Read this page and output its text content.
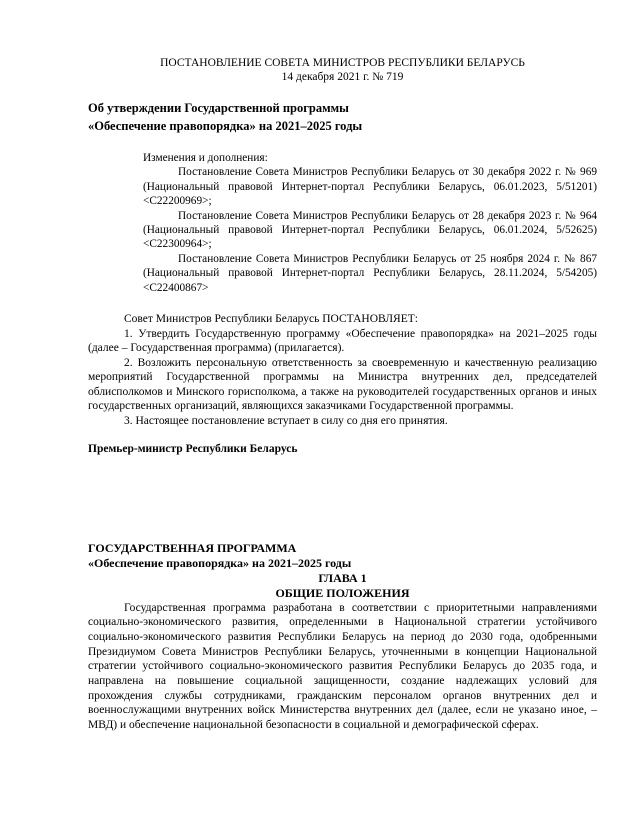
ПОСТАНОВЛЕНИЕ СОВЕТА МИНИСТРОВ РЕСПУБЛИКИ БЕЛАРУСЬ
14 декабря 2021 г. № 719
Об утверждении Государственной программы
«Обеспечение правопорядка» на 2021–2025 годы
Изменения и дополнения:

Постановление Совета Министров Республики Беларусь от 30 декабря 2022 г. № 969 (Национальный правовой Интернет-портал Республики Беларусь, 06.01.2023, 5/51201) <C22200969>;

Постановление Совета Министров Республики Беларусь от 28 декабря 2023 г. № 964 (Национальный правовой Интернет-портал Республики Беларусь, 06.01.2024, 5/52625) <C22300964>;

Постановление Совета Министров Республики Беларусь от 25 ноября 2024 г. № 867 (Национальный правовой Интернет-портал Республики Беларусь, 28.11.2024, 5/54205) <C22400867>

Совет Министров Республики Беларусь ПОСТАНОВЛЯЕТ:

1. Утвердить Государственную программу «Обеспечение правопорядка» на 2021–2025 годы (далее – Государственная программа) (прилагается).

2. Возложить персональную ответственность за своевременную и качественную реализацию мероприятий Государственной программы на Министра внутренних дел, председателей облисполкомов и Минского горисполкома, а также на руководителей государственных органов и иных государственных организаций, являющихся заказчиками Государственной программы.

3. Настоящее постановление вступает в силу со дня его принятия.

Премьер-министр Республики Беларусь
ГОСУДАРСТВЕННАЯ ПРОГРАММА
«Обеспечение правопорядка» на 2021–2025 годы
ГЛАВА 1
ОБЩИЕ ПОЛОЖЕНИЯ

Государственная программа разработана в соответствии с приоритетными направлениями социально-экономического развития, определенными в Национальной стратегии устойчивого социально-экономического развития Республики Беларусь на период до 2030 года, одобренными Президиумом Совета Министров Республики Беларусь, уточненными в концепции Национальной стратегии устойчивого социально-экономического развития Республики Беларусь до 2035 года, и направлена на повышение социальной защищенности, создание надлежащих условий для прохождения службы сотрудниками, гражданским персоналом органов внутренних дел и военнослужащими внутренних войск Министерства внутренних дел (далее, если не указано иное, – МВД) и обеспечение национальной безопасности в социальной и демографической сферах.
